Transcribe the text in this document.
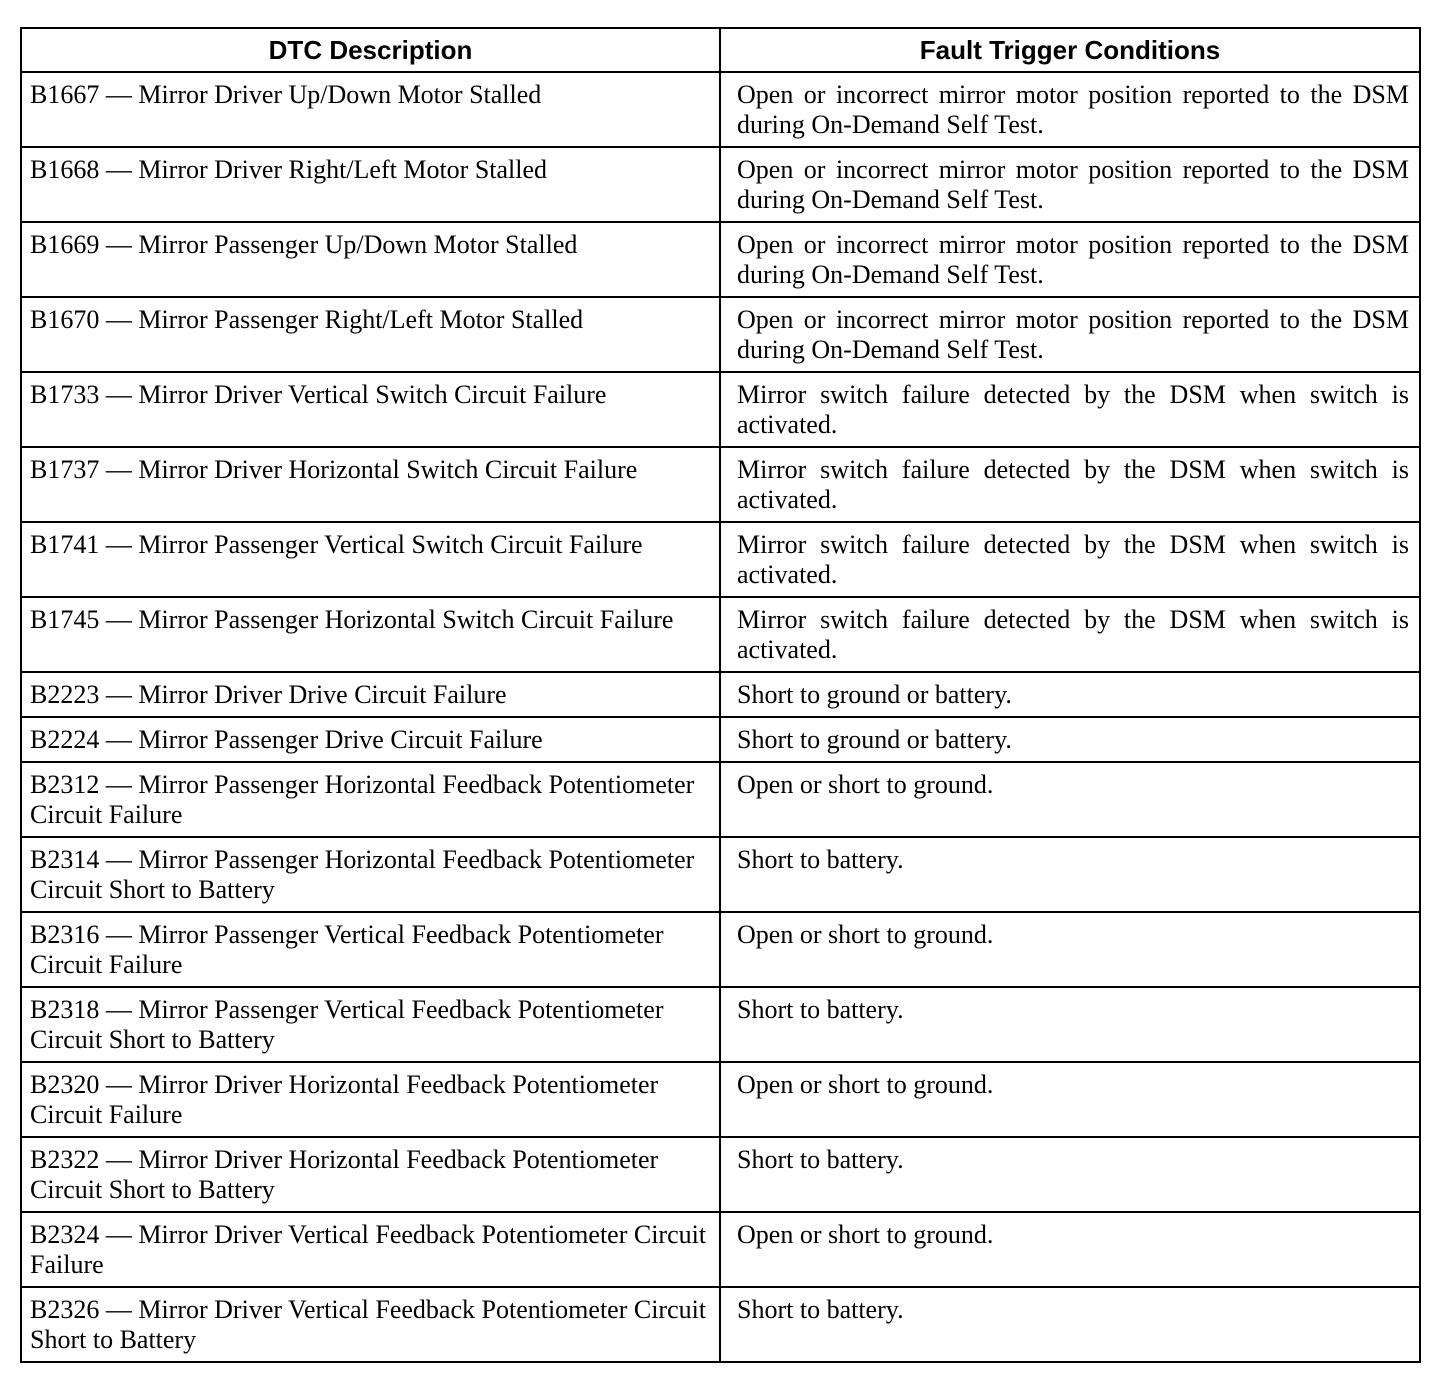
DTC Description	Fault Trigger Conditions
B1667 — Mirror Driver Up/Down Motor Stalled	Open or incorrect mirror motor position reported to the DSM during On-Demand Self Test.
B1668 — Mirror Driver Right/Left Motor Stalled	Open or incorrect mirror motor position reported to the DSM during On-Demand Self Test.
B1669 — Mirror Passenger Up/Down Motor Stalled	Open or incorrect mirror motor position reported to the DSM during On-Demand Self Test.
B1670 — Mirror Passenger Right/Left Motor Stalled	Open or incorrect mirror motor position reported to the DSM during On-Demand Self Test.
B1733 — Mirror Driver Vertical Switch Circuit Failure	Mirror switch failure detected by the DSM when switch is activated.
B1737 — Mirror Driver Horizontal Switch Circuit Failure	Mirror switch failure detected by the DSM when switch is activated.
B1741 — Mirror Passenger Vertical Switch Circuit Failure	Mirror switch failure detected by the DSM when switch is activated.
B1745 — Mirror Passenger Horizontal Switch Circuit Failure	Mirror switch failure detected by the DSM when switch is activated.
B2223 — Mirror Driver Drive Circuit Failure	Short to ground or battery.
B2224 — Mirror Passenger Drive Circuit Failure	Short to ground or battery.
B2312 — Mirror Passenger Horizontal Feedback Potentiometer Circuit Failure	Open or short to ground.
B2314 — Mirror Passenger Horizontal Feedback Potentiometer Circuit Short to Battery	Short to battery.
B2316 — Mirror Passenger Vertical Feedback Potentiometer Circuit Failure	Open or short to ground.
B2318 — Mirror Passenger Vertical Feedback Potentiometer Circuit Short to Battery	Short to battery.
B2320 — Mirror Driver Horizontal Feedback Potentiometer Circuit Failure	Open or short to ground.
B2322 — Mirror Driver Horizontal Feedback Potentiometer Circuit Short to Battery	Short to battery.
B2324 — Mirror Driver Vertical Feedback Potentiometer Circuit Failure	Open or short to ground.
B2326 — Mirror Driver Vertical Feedback Potentiometer Circuit Short to Battery	Short to battery.
